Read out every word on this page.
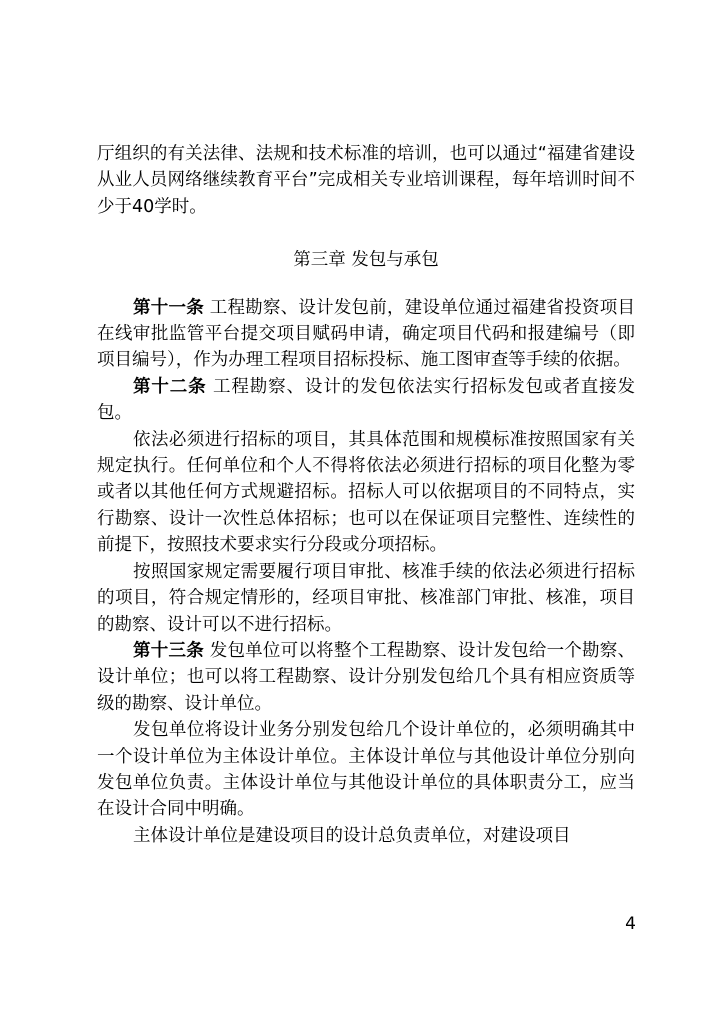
厅组织的有关法律、法规和技术标准的培训，也可以通过“福建省建设从业人员网络继续教育平台”完成相关专业培训课程，每年培训时间不少于40学时。

第三章 发包与承包

第十一条 工程勘察、设计发包前，建设单位通过福建省投资项目在线审批监管平台提交项目赋码申请，确定项目代码和报建编号（即项目编号），作为办理工程项目招标投标、施工图审查等手续的依据。

第十二条 工程勘察、设计的发包依法实行招标发包或者直接发包。

依法必须进行招标的项目，其具体范围和规模标准按照国家有关规定执行。任何单位和个人不得将依法必须进行招标的项目化整为零或者以其他任何方式规避招标。招标人可以依据项目的不同特点，实行勘察、设计一次性总体招标；也可以在保证项目完整性、连续性的前提下，按照技术要求实行分段或分项招标。

按照国家规定需要履行项目审批、核准手续的依法必须进行招标的项目，符合规定情形的，经项目审批、核准部门审批、核准，项目的勘察、设计可以不进行招标。

第十三条 发包单位可以将整个工程勘察、设计发包给一个勘察、设计单位；也可以将工程勘察、设计分别发包给几个具有相应资质等级的勘察、设计单位。

发包单位将设计业务分别发包给几个设计单位的，必须明确其中一个设计单位为主体设计单位。主体设计单位与其他设计单位分别向发包单位负责。主体设计单位与其他设计单位的具体职责分工，应当在设计合同中明确。

主体设计单位是建设项目的设计总负责单位，对建设项目

4
